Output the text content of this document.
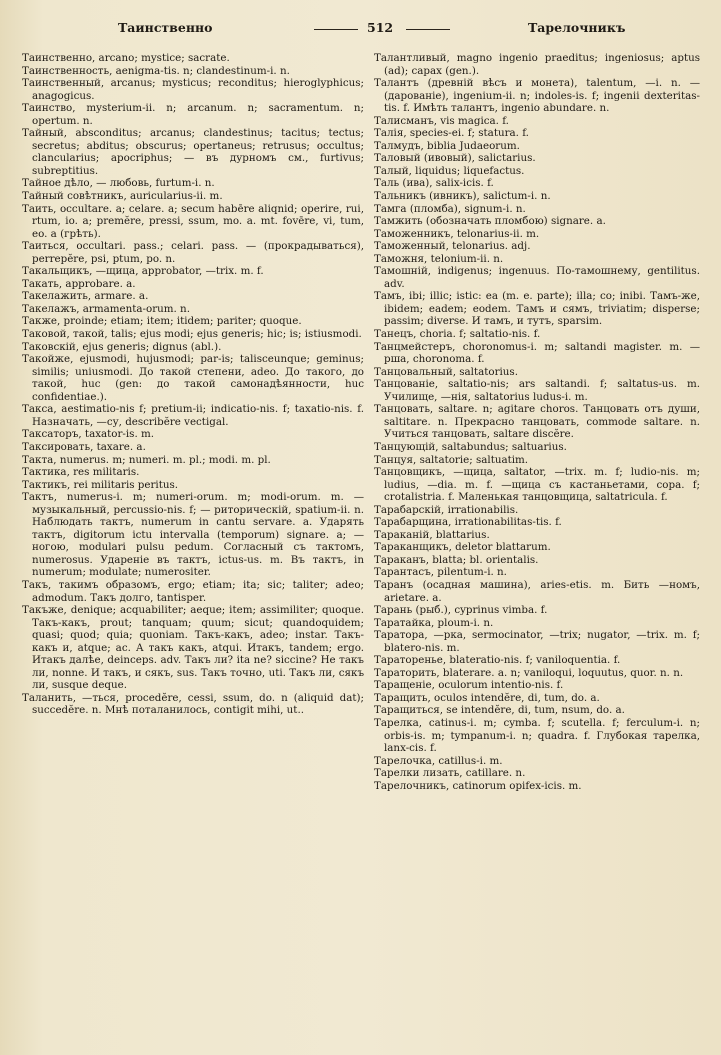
Таинственно	512	Тарелочникъ

Таинственно, arcano; mystice; sacrate.

Таинственность, aenigma-tis. n; clandestinum-i. n.

Таинственный, arcanus; mysticus; reconditus; hieroglyphicus; anagogicus.

Таинство, mysterium-ii. n; arcanum. n; sacramentum. n; opertum. n.

Тайный, absconditus; arcanus; clandestinus; tacitus; tectus; secretus; abditus; obscurus; opertaneus; retrusus; occultus; clancularius; apocriphus; — въ дурномъ см., furtivus; subreptitius.

Тайное дѣло, — любовь, furtum-i. n.

Тайный совѣтникъ, auricularius-ii. m.

Таить, occultare. a; celare. a; secum habēre aliqnid; operire, rui, rtum, io. a; premĕre, pressi, ssum, mo. a. mt. fovēre, vi, tum, eo. a (грѣть).

Таиться, occultari. pass.; celari. pass. — (прокрадываться), perrepĕre, psi, ptum, po. n.

Такальщикъ, —щица, approbator, —trix. m. f.

Такать, approbare. a.

Такелажить, armare. a.

Такелажъ, armamenta-orum. n.

Также, proinde; etiam; item; itidem; pariter; quoque.

Таковой, такой, talis; ejus modi; ejus generis; hic; is; istiusmodi.

Таковскій, ejus generis; dignus (abl.).

Такойже, ejusmodi, hujusmodi; par-is; talisceunque; geminus; similis; uniusmodi. До такой степени, adeo. До такого, до такой, huc (gen: до такой самонадѣянности, huc confidentiae.).

Такса, aestimatio-nis f; pretium-ii; indicatio-nis. f; taxatio-nis. f. Назначать, —су, describĕre vectigal.

Таксаторъ, taxator-is. m.

Таксировать, taxare. a.

Такта, numerus. m; numeri. m. pl.; modi. m. pl.

Тактика, res militaris.

Тактикъ, rei militaris peritus.

Тактъ, numerus-i. m; numeri-orum. m; modi-orum. m. — музыкальный, percussio-nis. f; — риторическій, spatium-ii. n. Наблюдать тактъ, numerum in cantu servare. a. Ударять тактъ, digitorum ictu intervalla (temporum) signare. a; — ногою, modulari pulsu pedum. Согласный съ тактомъ, numerosus. Удареніе въ тактъ, ictus-us. m. Въ тактъ, in numerum; modulate; numerositer.

Такъ, такимъ образомъ, ergo; etiam; ita; sic; taliter; adeo; admodum. Такъ долго, tantisper.

Такъже, denique; acquabiliter; aeque; item; assimiliter; quoque. Такъ-какъ, prout; tanquam; quum; sicut; quandoquidem; quasi; quod; quia; quoniam. Такъ-какъ, adeo; instar. Такъ-какъ и, atque; ac. А такъ какъ, atqui. Итакъ, tandem; ergo. Итакъ далѣе, deinceps. adv. Такъ ли? ita ne? siccine? Не такъ ли, nonne. И такъ, и сякъ, sus. Такъ точно, uti. Такъ ли, сякъ ли, susque deque.

Таланить, —ться, procedĕre, cessi, ssum, do. n (aliquid dat); succedĕre. n. Мнѣ поталанилось, contigit mihi, ut..

Талантливый, magno ingenio praeditus; ingeniosus; aptus (ad); capax (gen.).

Талантъ (древній вѣсъ и монета), talentum, —i. n. — (дарованіе), ingenium-ii. n; indoles-is. f; ingenii dexteritas-tis. f. Имѣть талантъ, ingenio abundare. n.

Талисманъ, vis magica. f.

Талія, species-ei. f; statura. f.

Талмудъ, biblia Judaeorum.

Таловый (ивовый), salictarius.

Талый, liquidus; liquefactus.

Таль (ива), salix-icis. f.

Тальникъ (ивникъ), salictum-i. n.

Тамга (пломба), signum-i. n.

Тамжить (обозначать пломбою) signare. a.

Таможенникъ, telonarius-ii. m.

Таможенный, telonarius. adj.

Таможня, telonium-ii. n.

Тамошній, indigenus; ingenuus. По-тамошнему, gentilitus. adv.

Тамъ, ibi; illic; istic: ea (m. e. parte); illa; co; inibi. Тамъ-же, ibidem; eadem; eodem. Тамъ и сямъ, triviatim; disperse; passim; diverse. И тамъ, и тутъ, sparsim.

Танецъ, choria. f; saltatio-nis. f.

Танцмейстеръ, choronomus-i. m; saltandi magister. m. —рша, choronoma. f.

Танцовальный, saltatorius.

Танцованіе, saltatio-nis; ars saltandi. f; saltatus-us. m. Училище, —нія, saltatorius ludus-i. m.

Танцовать, saltare. n; agitare choros. Танцовать отъ души, saltitare. n. Прекрасно танцовать, commode saltare. n. Учиться танцовать, saltare discĕre.

Танцующій, saltabundus; saltuarius.

Танцуя, saltatorie; saltuatim.

Танцовщикъ, —щица, saltator, —trix. m. f; ludio-nis. m; ludius, —dia. m. f. —щица съ кастаньетами, copa. f; crotalistria. f. Маленькая танцовщица, saltatricula. f.

Тарабарскій, irrationabilis.

Тарабарщина, irrationabilitas-tis. f.

Тараканій, blattarius.

Тараканщикъ, deletor blattarum.

Тараканъ, blatta; bl. orientalis.

Тарантасъ, pilentum-i. n.

Таранъ (осадная машина), aries-etis. m. Бить —номъ, arietare. a.

Тарань (рыб.), cyprinus vimba. f.

Таратайка, ploum-i. n.

Тараторa, —рка, sermocinator, —trix; nugator, —trix. m. f; blatero-nis. m.

Тараторенье, blateratio-nis. f; vaniloquentia. f.

Тараторить, blaterare. a. n; vaniloqui, loquutus, quor. n. n.

Таращеніе, oculorum intentio-nis. f.

Таращить, oculos intendĕre, di, tum, do. a.

Таращиться, se intendĕre, di, tum, nsum, do. a.

Тарелка, catinus-i. m; cymba. f; scutella. f; ferculum-i. n; orbis-is. m; tympanum-i. n; quadra. f. Глубокая тарелка, lanx-cis. f.

Тарелочка, catillus-i. m.

Тарелки лизать, catillare. n.

Тарелочникъ, catinorum opifex-icis. m.
